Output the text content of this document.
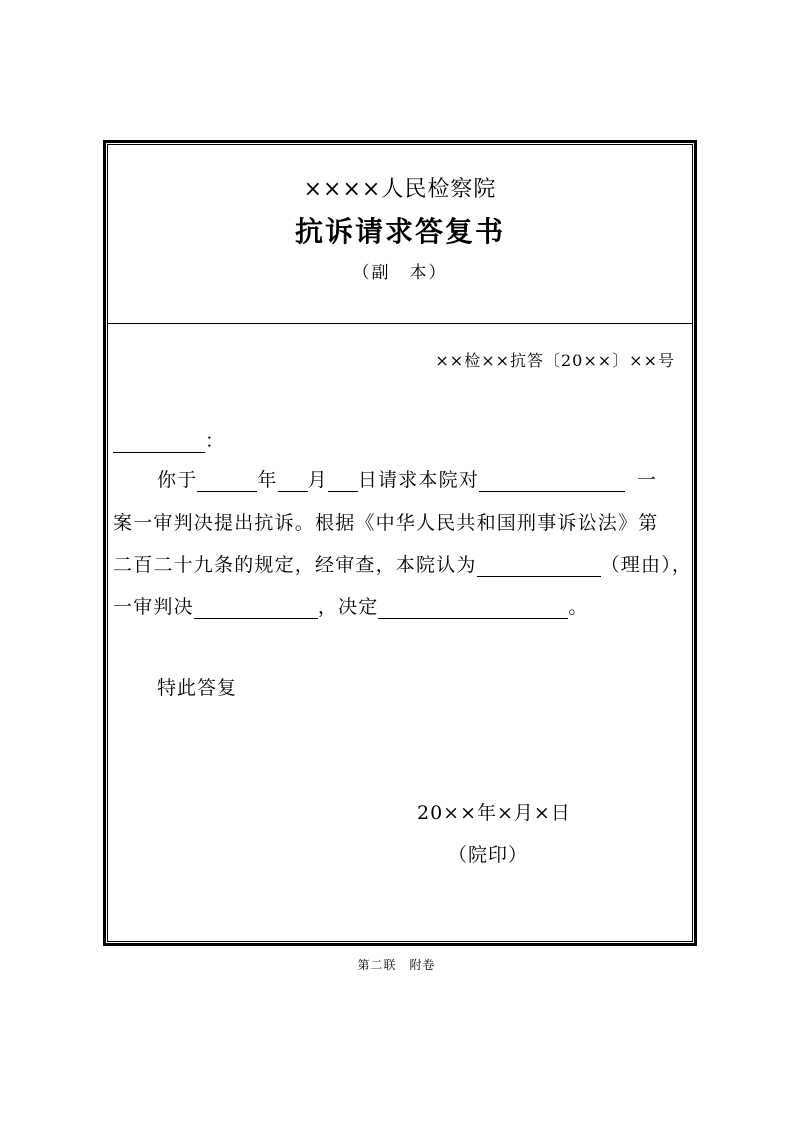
××××人民检察院
抗诉请求答复书
（副　本）
××检××抗答〔20××〕××号
：
你于	年 月 日请求本院对	一
案一审判决提出抗诉。根据《中华人民共和国刑事诉讼法》第
二百二十九条的规定，经审查，本院认为	（理由），
一审判决	，决定	。
特此答复
20××年×月×日
（院印）
第二联　附卷
